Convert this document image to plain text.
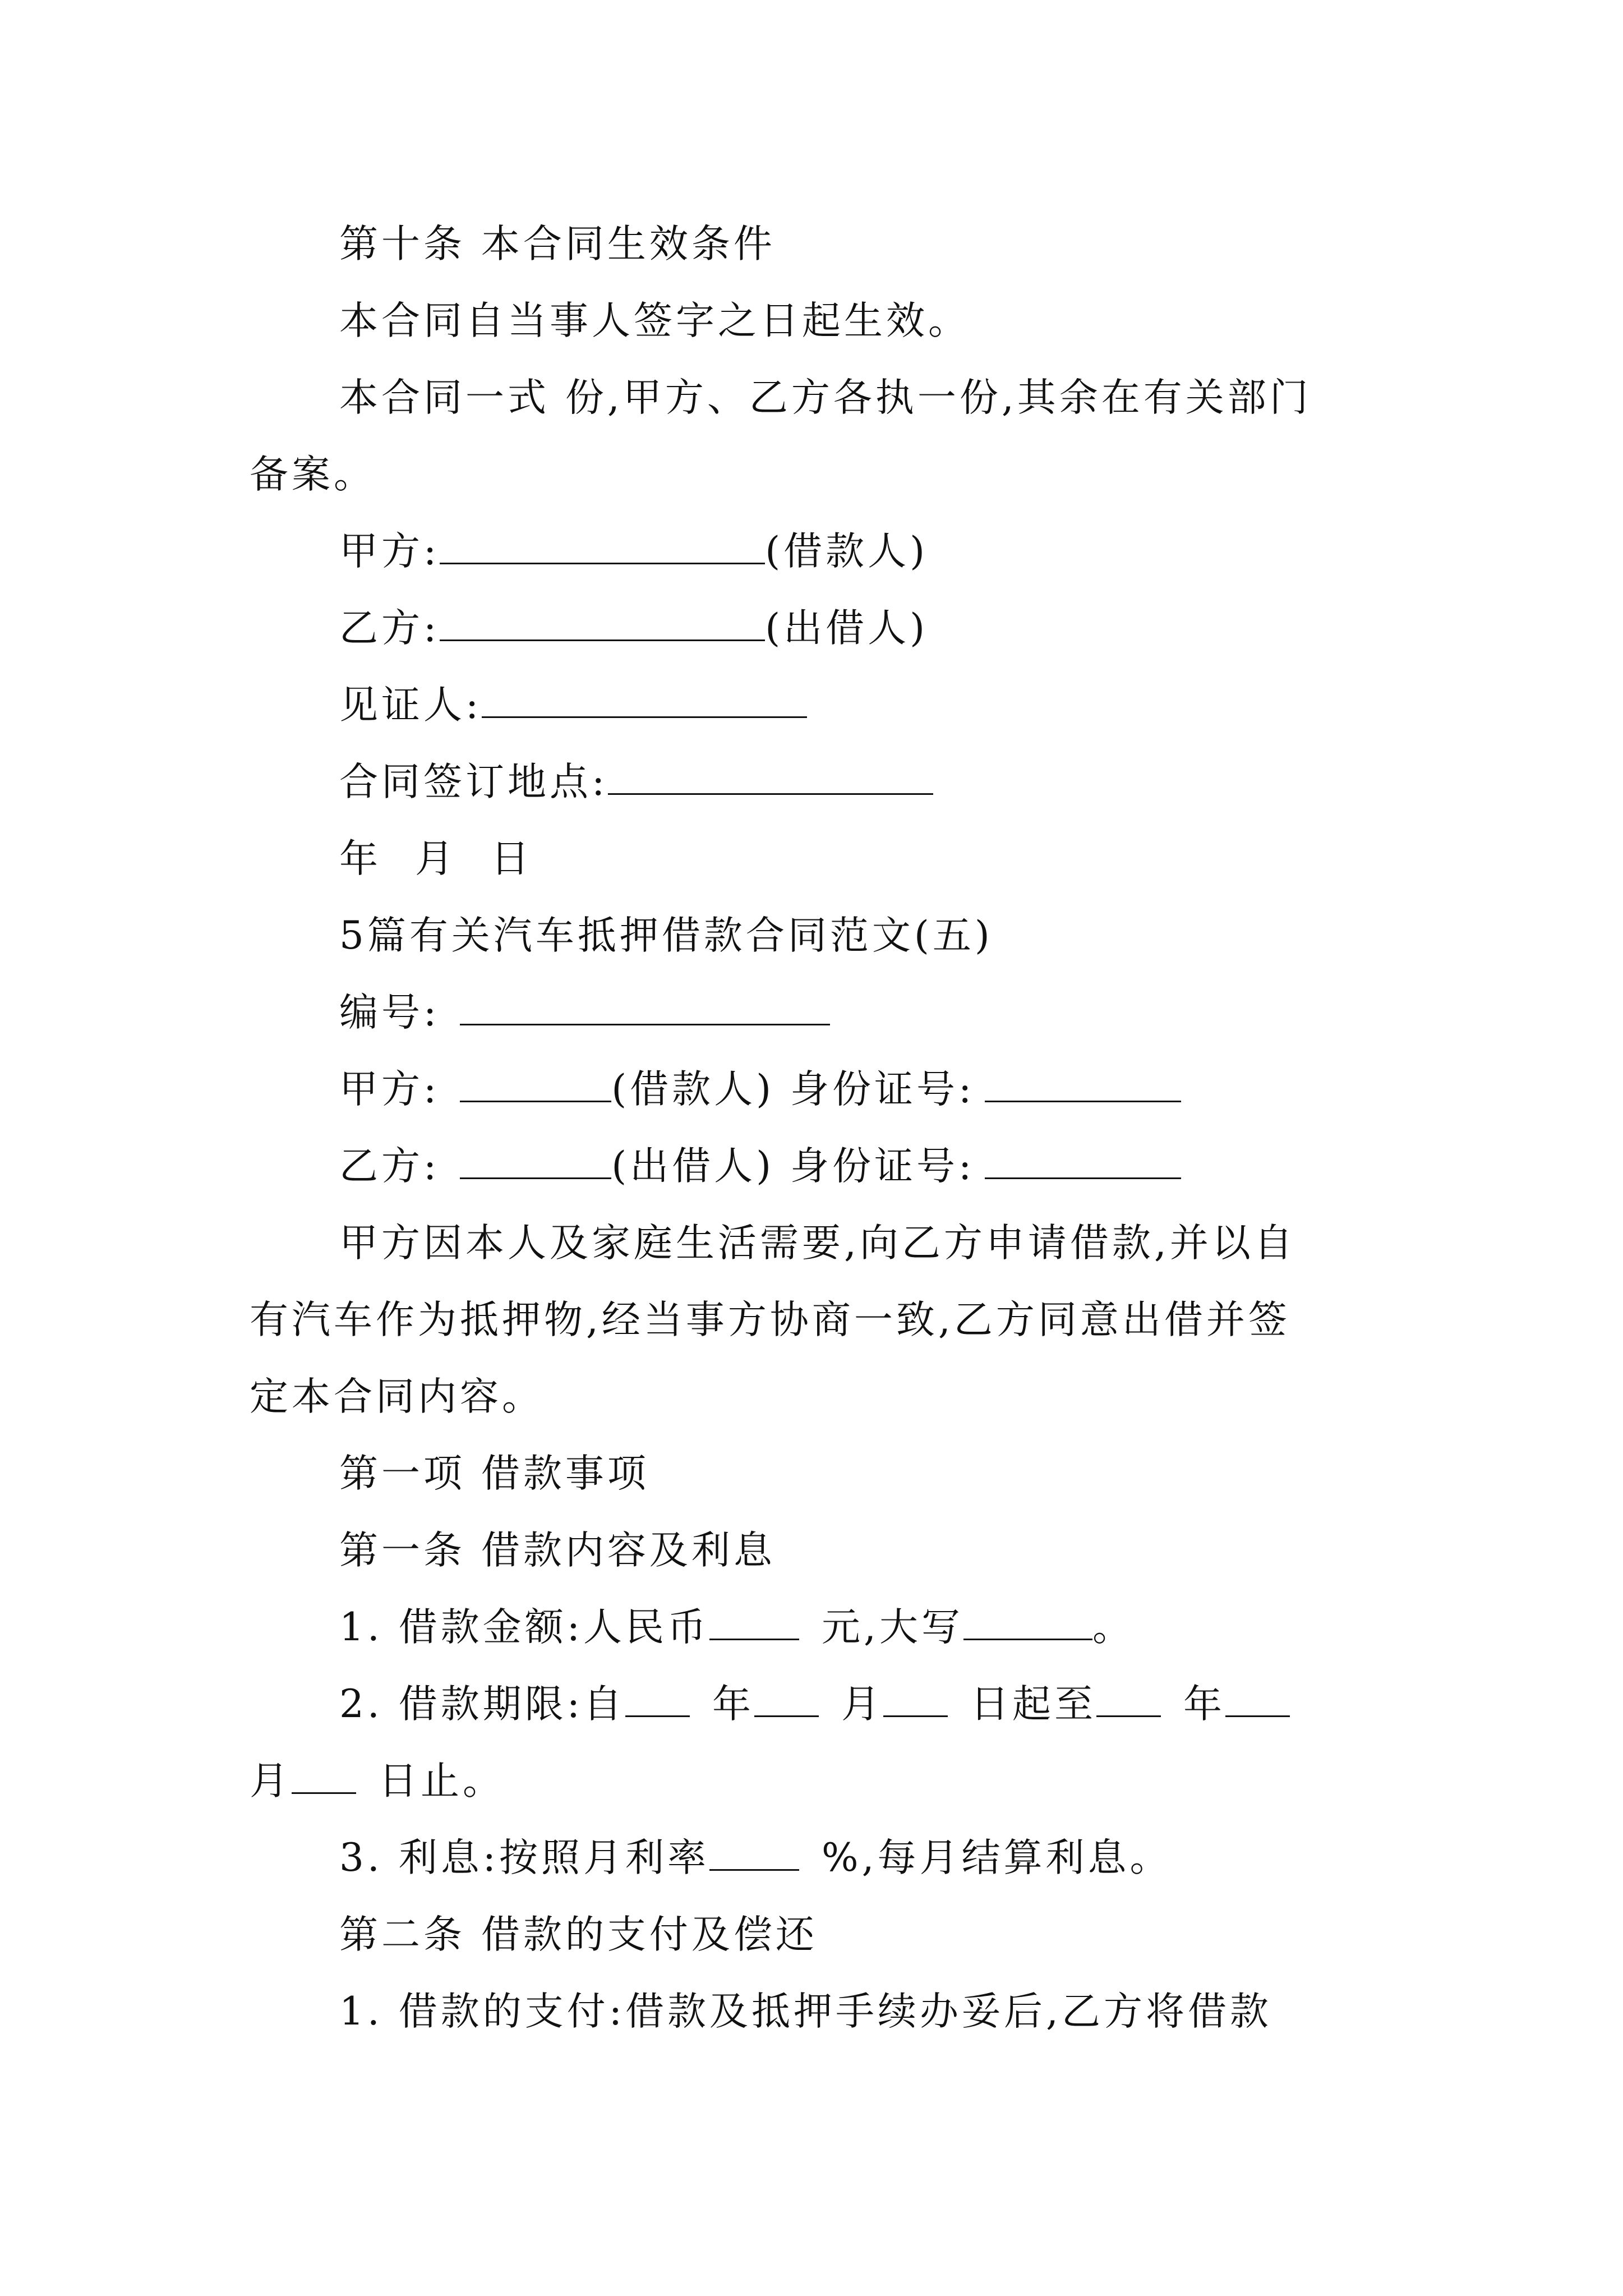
第十条 本合同生效条件
本合同自当事人签字之日起生效。
本合同一式 份,甲方、乙方各执一份,其余在有关部门
备案。
甲方:	(借款人)
乙方:	(出借人)
见证人:
合同签订地点:
年 月 日
5篇有关汽车抵押借款合同范文(五)
编号:
甲方:	(借款人) 身份证号:
乙方:	(出借人) 身份证号:
甲方因本人及家庭生活需要,向乙方申请借款,并以自
有汽车作为抵押物,经当事方协商一致,乙方同意出借并签
定本合同内容。
第一项 借款事项
第一条 借款内容及利息
1. 借款金额:人民币	元,大写	。
2. 借款期限:自 年 月 日起至 年
月 日止。
3. 利息:按照月利率	%,每月结算利息。
第二条 借款的支付及偿还
1. 借款的支付:借款及抵押手续办妥后,乙方将借款
